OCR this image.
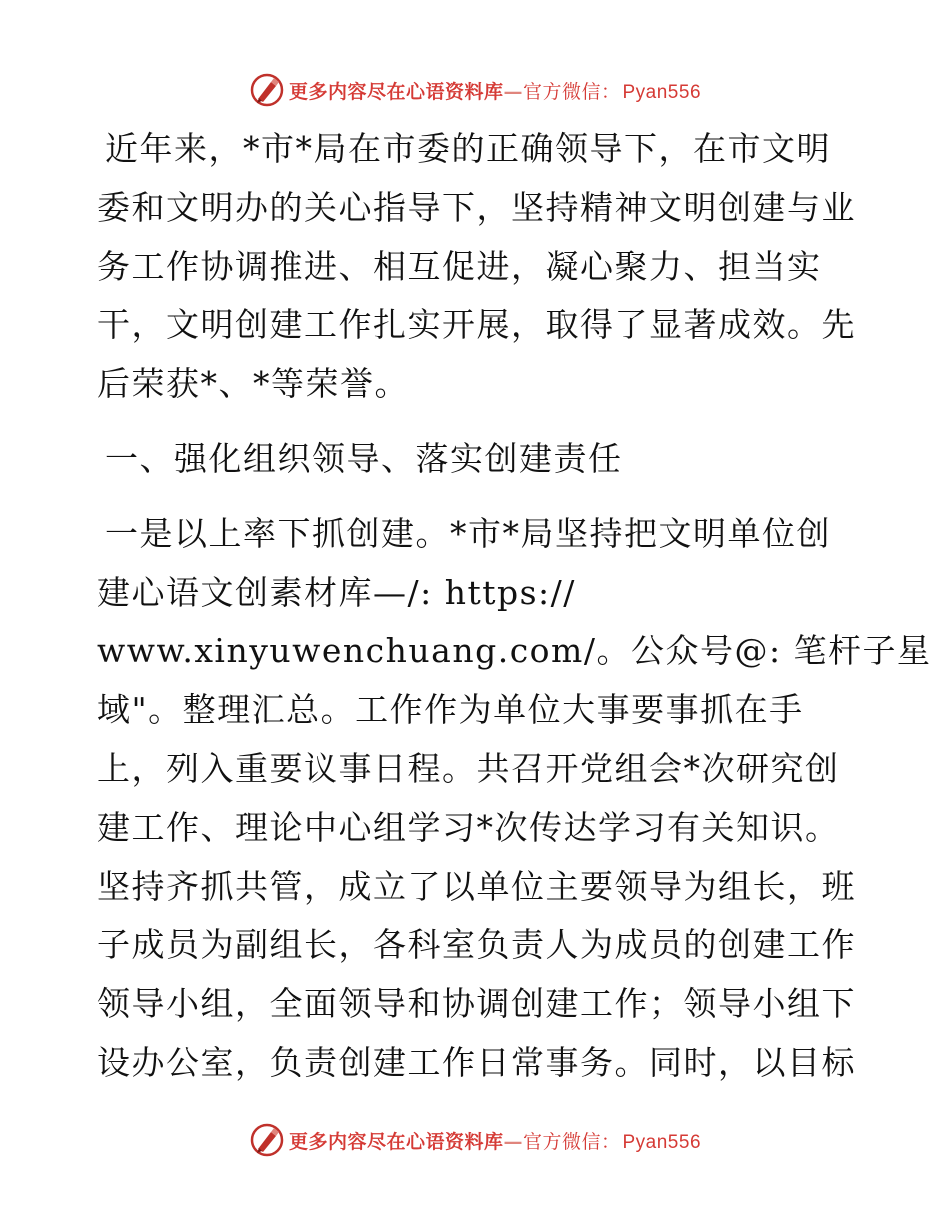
更多内容尽在心语资料库—官方微信： Pyan556
近年来，*市*局在市委的正确领导下，在市文明
委和文明办的关心指导下，坚持精神文明创建与业
务工作协调推进、相互促进，凝心聚力、担当实
干，文明创建工作扎实开展，取得了显著成效。先
后荣获*、*等荣誉。
一、强化组织领导、落实创建责任
一是以上率下抓创建。*市*局坚持把文明单位创
建心语文创素材库—/: https://
www.xinyuwenchuang.com/。公众号@: 笔杆子星
域"。整理汇总。工作作为单位大事要事抓在手
上，列入重要议事日程。共召开党组会*次研究创
建工作、理论中心组学习*次传达学习有关知识。
坚持齐抓共管，成立了以单位主要领导为组长，班
子成员为副组长，各科室负责人为成员的创建工作
领导小组，全面领导和协调创建工作；领导小组下
设办公室，负责创建工作日常事务。同时，以目标
更多内容尽在心语资料库—官方微信： Pyan556
